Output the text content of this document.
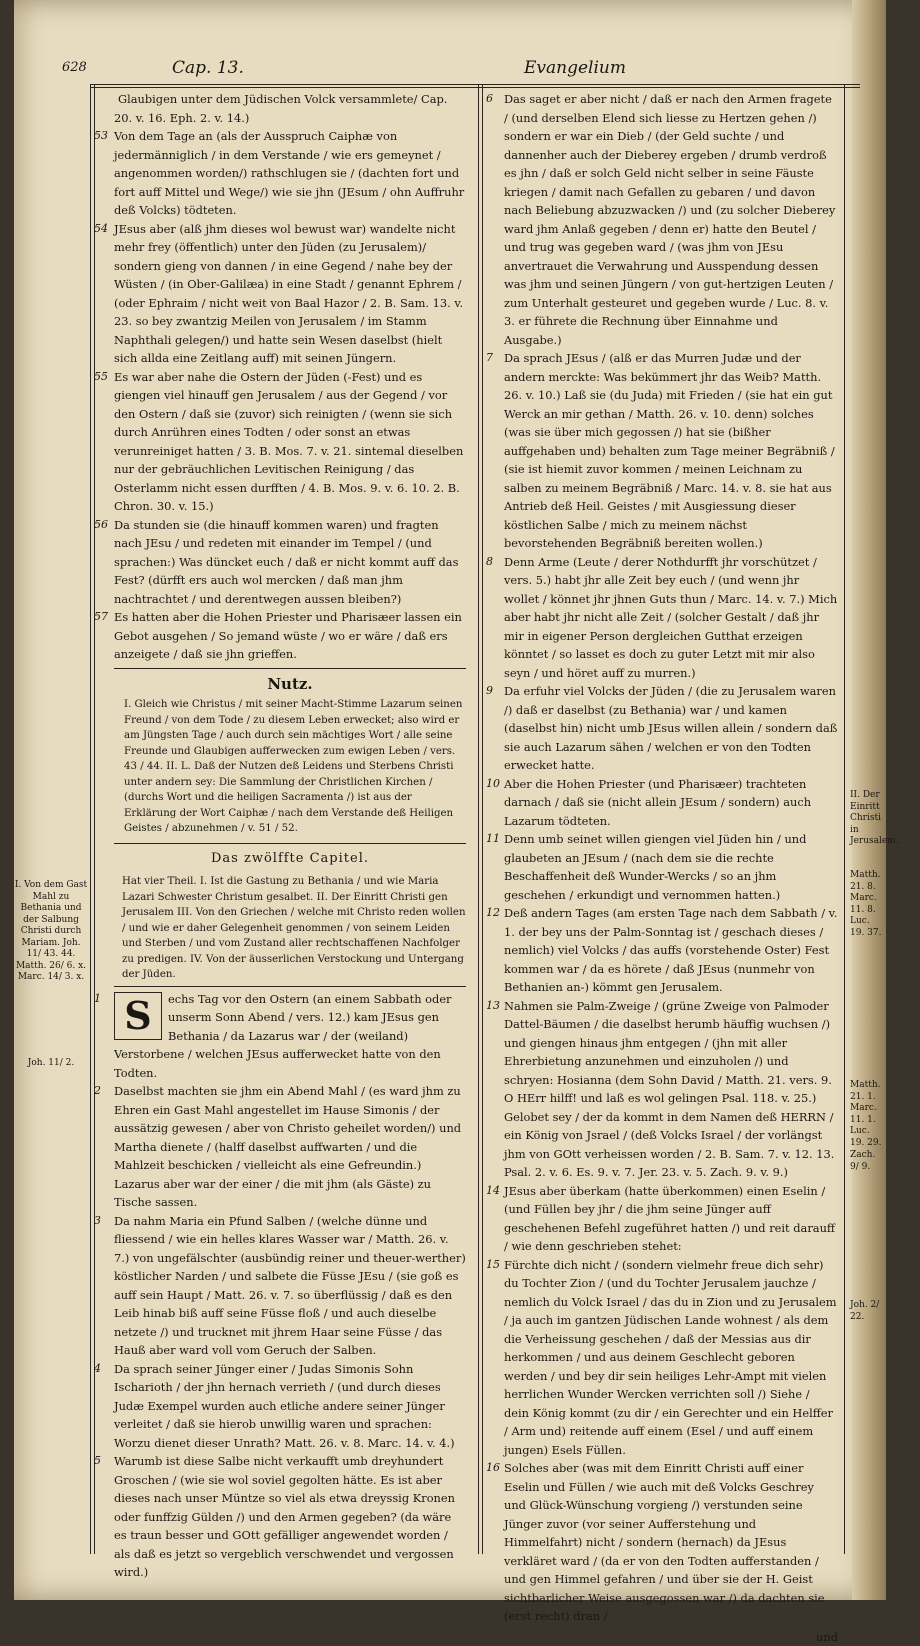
628	Cap. 13.	Evangelium

Glaubigen unter dem Jüdischen Volck versammlete/ Cap. 20. v. 16. Eph. 2. v. 14.)

53 Von dem Tage an (als der Ausspruch Caiphæ von jedermänniglich / in dem Verstande / wie ers gemeynet / angenommen worden/) rathschlugen sie / (dachten fort und fort auff Mittel und Wege/) wie sie jhn (JEsum / ohn Auffruhr deß Volcks) tödteten.

54 JEsus aber (alß jhm dieses wol bewust war) wandelte nicht mehr frey (öffentlich) unter den Jüden (zu Jerusalem)/ sondern gieng von dannen / in eine Gegend / nahe bey der Wüsten / (in Ober-Galilæa) in eine Stadt / genannt Ephrem / (oder Ephraim / nicht weit von Baal Hazor / 2. B. Sam. 13. v. 23. so bey zwantzig Meilen von Jerusalem / im Stamm Naphthali gelegen/) und hatte sein Wesen daselbst (hielt sich allda eine Zeitlang auff) mit seinen Jüngern.

55 Es war aber nahe die Ostern der Jüden (-Fest) und es giengen viel hinauff gen Jerusalem / aus der Gegend / vor den Ostern / daß sie (zuvor) sich reinigten / (wenn sie sich durch Anrühren eines Todten / oder sonst an etwas verunreiniget hatten / 3. B. Mos. 7. v. 21. sintemal dieselben nur der gebräuchlichen Levitischen Reinigung / das Osterlamm nicht essen durfften / 4. B. Mos. 9. v. 6. 10. 2. B. Chron. 30. v. 15.)

56 Da stunden sie (die hinauff kommen waren) und fragten nach JEsu / und redeten mit einander im Tempel / (und sprachen:) Was düncket euch / daß er nicht kommt auff das Fest? (dürfft ers auch wol mercken / daß man jhm nachtrachtet / und derentwegen aussen bleiben?)

57 Es hatten aber die Hohen Priester und Pharisæer lassen ein Gebot ausgehen / So jemand wüste / wo er wäre / daß ers anzeigete / daß sie jhn grieffen.

Nutz.

I. Gleich wie Christus / mit seiner Macht-Stimme Lazarum seinen Freund / von dem Tode / zu diesem Leben erwecket; also wird er am Jüngsten Tage / auch durch sein mächtiges Wort / alle seine Freunde und Glaubigen aufferwecken zum ewigen Leben / vers. 43 / 44. II. L. Daß der Nutzen deß Leidens und Sterbens Christi unter andern sey: Die Sammlung der Christlichen Kirchen / (durchs Wort und die heiligen Sacramenta /) ist aus der Erklärung der Wort Caiphæ / nach dem Verstande deß Heiligen Geistes / abzunehmen / v. 51 / 52.

Das zwölffte Capitel.

Hat vier Theil. I. Ist die Gastung zu Bethania / und wie Maria Lazari Schwester Christum gesalbet. II. Der Einritt Christi gen Jerusalem III. Von den Griechen / welche mit Christo reden wollen / und wie er daher Gelegenheit genommen / von seinem Leiden und Sterben / und vom Zustand aller rechtschaffenen Nachfolger zu predigen. IV. Von der äusserlichen Verstockung und Untergang der Jüden.

1 S	echs Tag vor den Ostern (an einem Sabbath oder unserm Sonn Abend / vers. 12.) kam JEsus gen Bethania / da Lazarus war / der (weiland) Verstorbene / welchen JEsus aufferwecket hatte von den Todten.

2 Daselbst machten sie jhm ein Abend Mahl / (es ward jhm zu Ehren ein Gast Mahl angestellet im Hause Simonis / der aussätzig gewesen / aber von Christo geheilet worden/) und Martha dienete / (halff daselbst auffwarten / und die Mahlzeit beschicken / vielleicht als eine Gefreundin.) Lazarus aber war der einer / die mit jhm (als Gäste) zu Tische sassen.

3 Da nahm Maria ein Pfund Salben / (welche dünne und fliessend / wie ein helles klares Wasser war / Matth. 26. v. 7.) von ungefälschter (ausbündig reiner und theuer-werther) köstlicher Narden / und salbete die Füsse JEsu / (sie goß es auff sein Haupt / Matt. 26. v. 7. so überflüssig / daß es den Leib hinab biß auff seine Füsse floß / und auch dieselbe netzete /) und trucknet mit jhrem Haar seine Füsse / das Hauß aber ward voll vom Geruch der Salben.

4 Da sprach seiner Jünger einer / Judas Simonis Sohn Ischarioth / der jhn hernach verrieth / (und durch dieses Judæ Exempel wurden auch etliche andere seiner Jünger verleitet / daß sie hierob unwillig waren und sprachen: Worzu dienet dieser Unrath? Matt. 26. v. 8. Marc. 14. v. 4.)

5 Warumb ist diese Salbe nicht verkaufft umb dreyhundert Groschen / (wie sie wol soviel gegolten hätte. Es ist aber dieses nach unser Müntze so viel als etwa dreyssig Kronen oder funffzig Gülden /) und den Armen gegeben? (da wäre es traun besser und GOtt gefälliger angewendet worden / als daß es jetzt so vergeblich verschwendet und vergossen wird.)

I. Von dem Gast Mahl zu Bethania und der Salbung Christi durch Mariam. Joh. 11/ 43. 44. Matth. 26/ 6. x. Marc. 14/ 3. x.
Joh. 11/ 2.
6 Das saget er aber nicht / daß er nach den Armen fragete / (und derselben Elend sich liesse zu Hertzen gehen /) sondern er war ein Dieb / (der Geld suchte / und dannenher auch der Dieberey ergeben / drumb verdroß es jhn / daß er solch Geld nicht selber in seine Fäuste kriegen / damit nach Gefallen zu gebaren / und davon nach Beliebung abzuzwacken /) und (zu solcher Dieberey ward jhm Anlaß gegeben / denn er) hatte den Beutel / und trug was gegeben ward / (was jhm von JEsu anvertrauet die Verwahrung und Ausspendung dessen was jhm und seinen Jüngern / von gut-hertzigen Leuten / zum Unterhalt gesteuret und gegeben wurde / Luc. 8. v. 3. er führete die Rechnung über Einnahme und Ausgabe.)

7 Da sprach JEsus / (alß er das Murren Judæ und der andern merckte: Was bekümmert jhr das Weib? Matth. 26. v. 10.) Laß sie (du Juda) mit Frieden / (sie hat ein gut Werck an mir gethan / Matth. 26. v. 10. denn) solches (was sie über mich gegossen /) hat sie (bißher auffgehaben und) behalten zum Tage meiner Begräbniß / (sie ist hiemit zuvor kommen / meinen Leichnam zu salben zu meinem Begräbniß / Marc. 14. v. 8. sie hat aus Antrieb deß Heil. Geistes / mit Ausgiessung dieser köstlichen Salbe / mich zu meinem nächst bevorstehenden Begräbniß bereiten wollen.)

8 Denn Arme (Leute / derer Nothdurfft jhr vorschützet / vers. 5.) habt jhr alle Zeit bey euch / (und wenn jhr wollet / könnet jhr jhnen Guts thun / Marc. 14. v. 7.) Mich aber habt jhr nicht alle Zeit / (solcher Gestalt / daß jhr mir in eigener Person dergleichen Gutthat erzeigen könntet / so lasset es doch zu guter Letzt mit mir also seyn / und höret auff zu murren.)

9 Da erfuhr viel Volcks der Jüden / (die zu Jerusalem waren /) daß er daselbst (zu Bethania) war / und kamen (daselbst hin) nicht umb JEsus willen allein / sondern daß sie auch Lazarum sähen / welchen er von den Todten erwecket hatte.

10 Aber die Hohen Priester (und Pharisæer) trachteten darnach / daß sie (nicht allein JEsum / sondern) auch Lazarum tödteten.

11 Denn umb seinet willen giengen viel Jüden hin / und glaubeten an JEsum / (nach dem sie die rechte Beschaffenheit deß Wunder-Wercks / so an jhm geschehen / erkundigt und vernommen hatten.)

12 Deß andern Tages (am ersten Tage nach dem Sabbath / v. 1. der bey uns der Palm-Sonntag ist / geschach dieses / nemlich) viel Volcks / das auffs (vorstehende Oster) Fest kommen war / da es hörete / daß JEsus (nunmehr von Bethanien an-) kömmt gen Jerusalem.

13 Nahmen sie Palm-Zweige / (grüne Zweige von Palmoder Dattel-Bäumen / die daselbst herumb häuffig wuchsen /) und giengen hinaus jhm entgegen / (jhn mit aller Ehrerbietung anzunehmen und einzuholen /) und schryen: Hosianna (dem Sohn David / Matth. 21. vers. 9. O HErr hilff! und laß es wol gelingen Psal. 118. v. 25.) Gelobet sey / der da kommt in dem Namen deß HERRN / ein König von Jsrael / (deß Volcks Israel / der vorlängst jhm von GOtt verheissen worden / 2. B. Sam. 7. v. 12. 13. Psal. 2. v. 6. Es. 9. v. 7. Jer. 23. v. 5. Zach. 9. v. 9.)

14 JEsus aber überkam (hatte überkommen) einen Eselin / (und Füllen bey jhr / die jhm seine Jünger auff geschehenen Befehl zugeführet hatten /) und reit darauff / wie denn geschrieben stehet:

15 Fürchte dich nicht / (sondern vielmehr freue dich sehr) du Tochter Zion / (und du Tochter Jerusalem jauchze / nemlich du Volck Israel / das du in Zion und zu Jerusalem / ja auch im gantzen Jüdischen Lande wohnest / als dem die Verheissung geschehen / daß der Messias aus dir herkommen / und aus deinem Geschlecht geboren werden / und bey dir sein heiliges Lehr-Ampt mit vielen herrlichen Wunder Wercken verrichten soll /) Siehe / dein König kommt (zu dir / ein Gerechter und ein Helffer / Arm und) reitende auff einem (Esel / und auff einem jungen) Esels Füllen.

16 Solches aber (was mit dem Einritt Christi auff einer Eselin und Füllen / wie auch mit deß Volcks Geschrey und Glück-Wünschung vorgieng /) verstunden seine Jünger zuvor (vor seiner Aufferstehung und Himmelfahrt) nicht / sondern (hernach) da JEsus verkläret ward / (da er von den Todten aufferstanden / und gen Himmel gefahren / und über sie der H. Geist sichtbarlicher Weise ausgegossen war /) da dachten sie (erst recht) dran /

und

II. Der Einritt Christi in Jerusalem.
Matth. 21. 8. Marc. 11. 8. Luc. 19. 37.
Matth. 21. 1. Marc. 11. 1. Luc. 19. 29.
Zach. 9/ 9.
Joh. 2/ 22.
